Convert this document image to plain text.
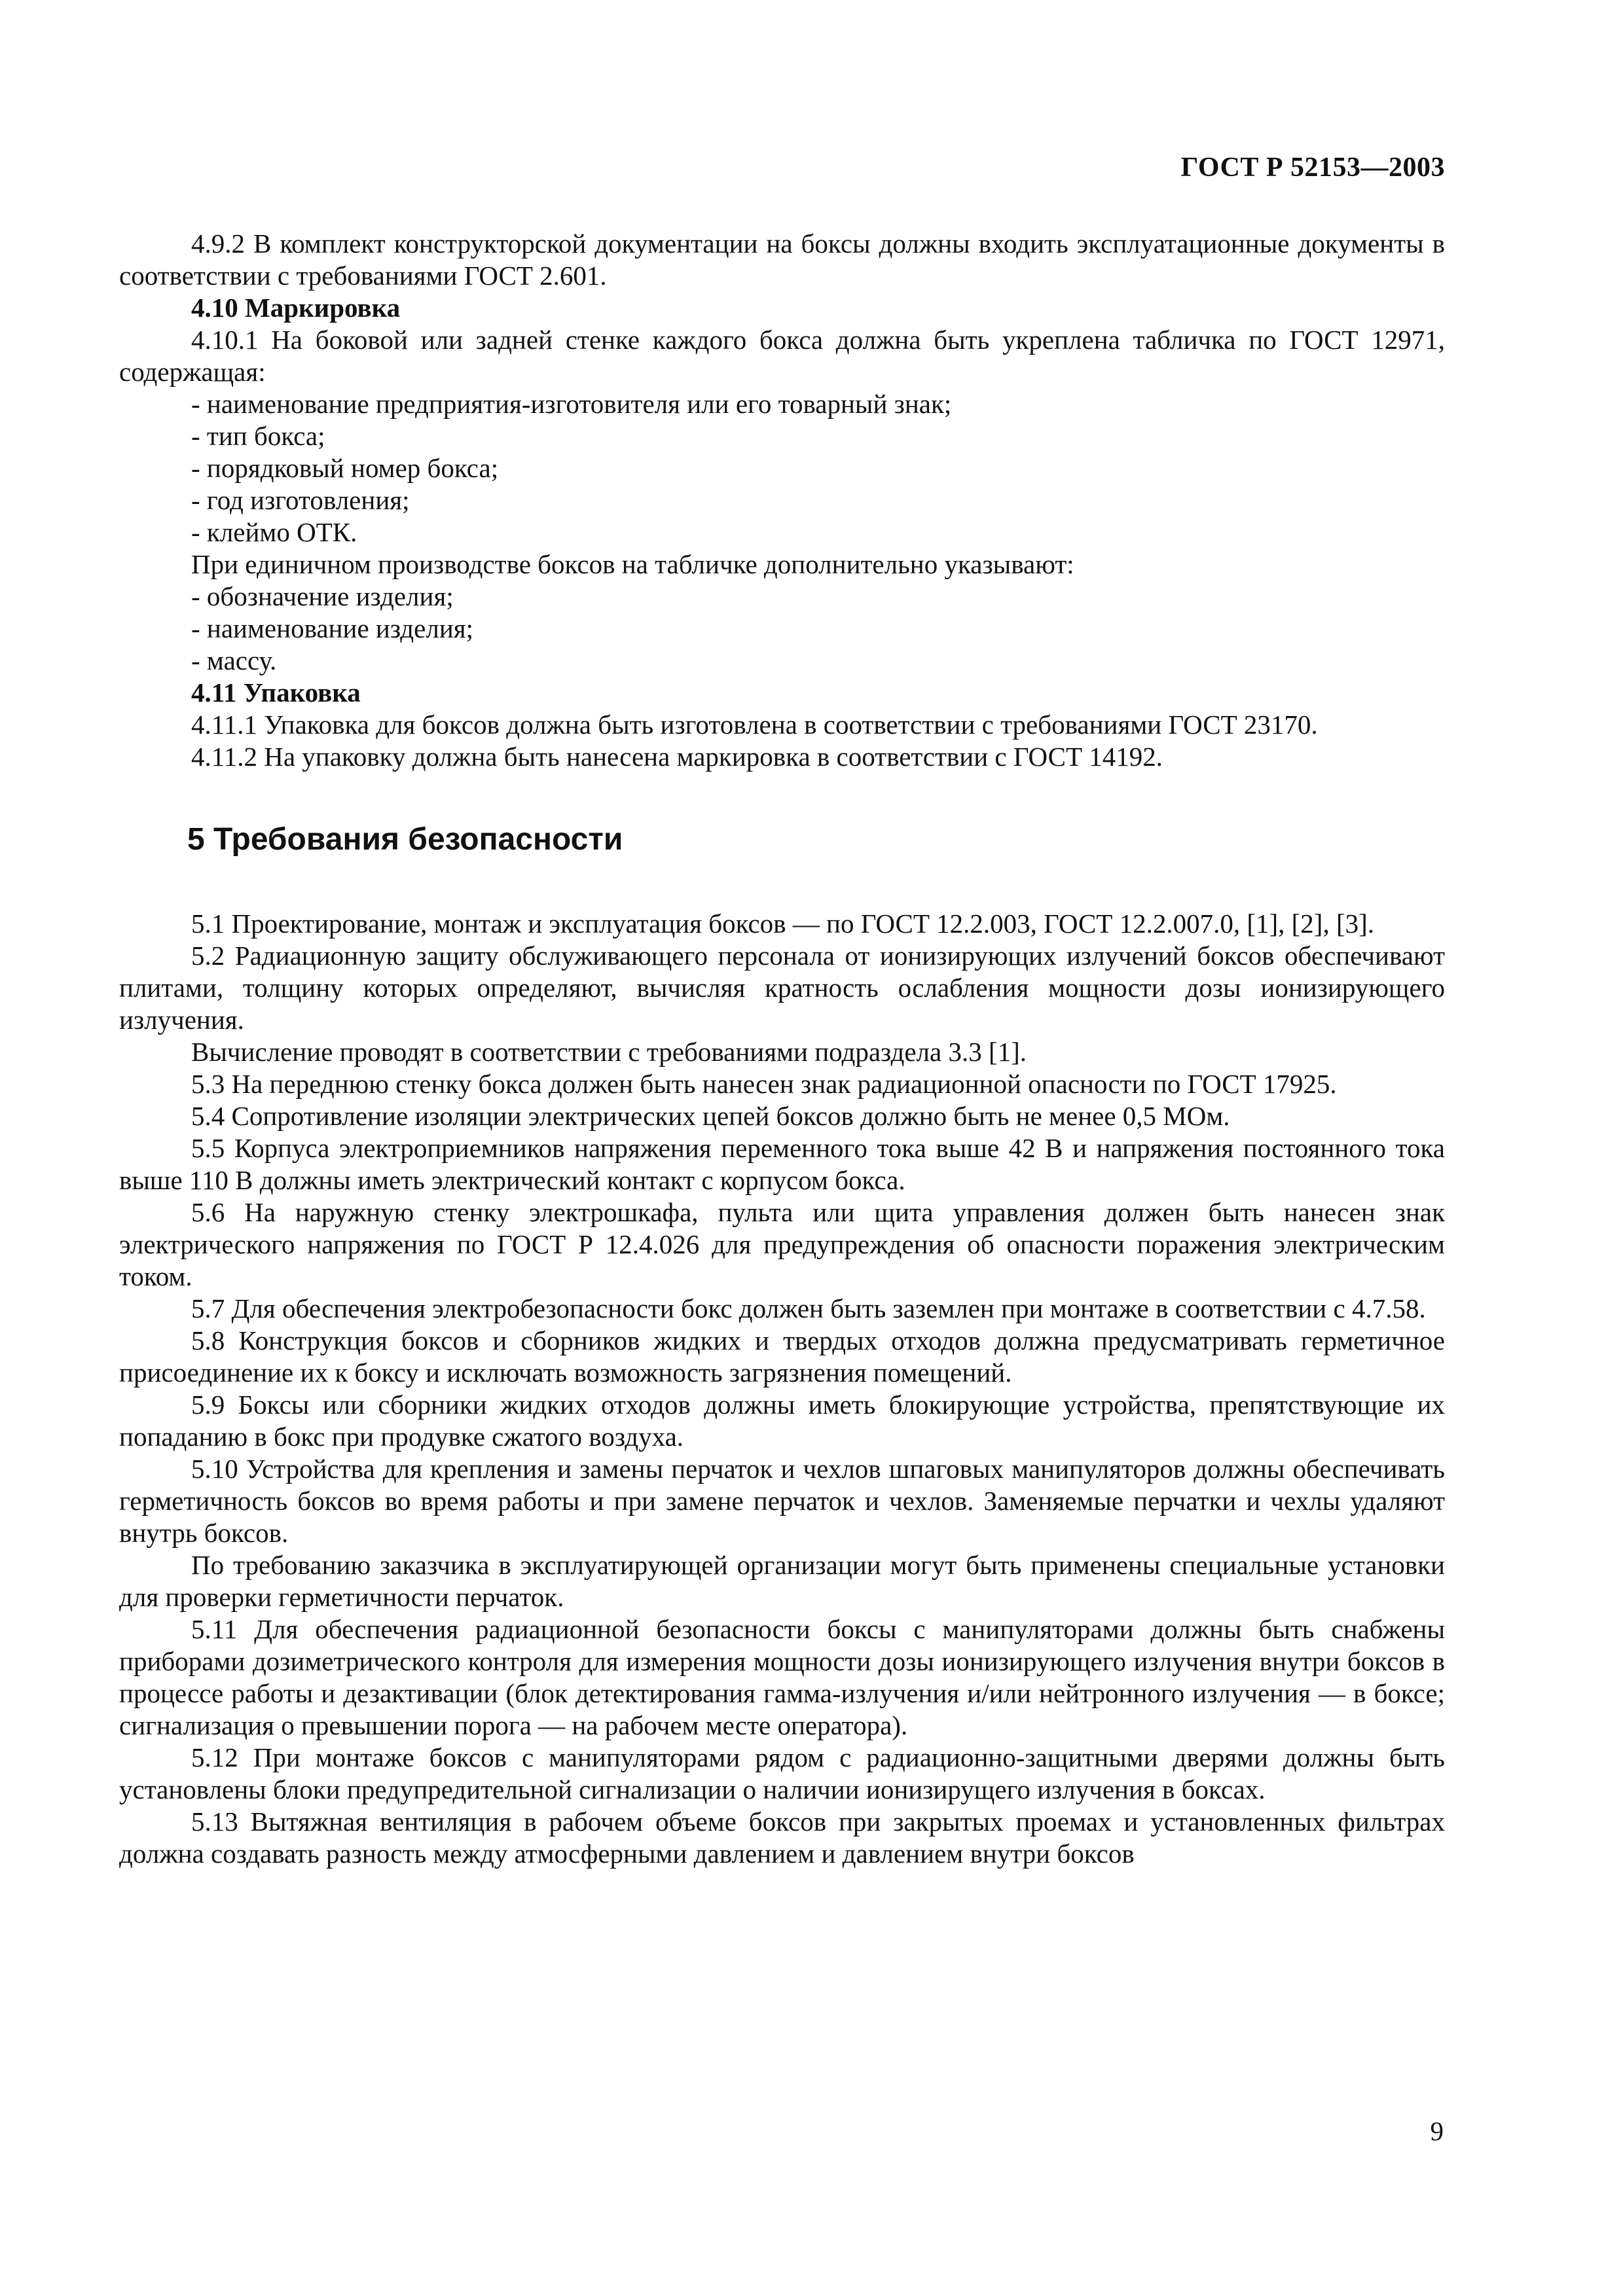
ГОСТ Р 52153—2003

4.9.2 В комплект конструкторской документации на боксы должны входить эксплуатационные документы в соответствии с требованиями ГОСТ 2.601.

4.10 Маркировка

4.10.1 На боковой или задней стенке каждого бокса должна быть укреплена табличка по ГОСТ 12971, содержащая:

- наименование предприятия-изготовителя или его товарный знак;

- тип бокса;

- порядковый номер бокса;

- год изготовления;

- клеймо ОТК.

При единичном производстве боксов на табличке дополнительно указывают:

- обозначение изделия;

- наименование изделия;

- массу.

4.11 Упаковка

4.11.1 Упаковка для боксов должна быть изготовлена в соответствии с требованиями ГОСТ 23170.

4.11.2 На упаковку должна быть нанесена маркировка в соответствии с ГОСТ 14192.

5 Требования безопасности

5.1 Проектирование, монтаж и эксплуатация боксов — по ГОСТ 12.2.003, ГОСТ 12.2.007.0, [1], [2], [3].

5.2 Радиационную защиту обслуживающего персонала от ионизирующих излучений боксов обеспечивают плитами, толщину которых определяют, вычисляя кратность ослабления мощности дозы ионизирующего излучения.

Вычисление проводят в соответствии с требованиями подраздела 3.3 [1].

5.3 На переднюю стенку бокса должен быть нанесен знак радиационной опасности по ГОСТ 17925.

5.4 Сопротивление изоляции электрических цепей боксов должно быть не менее 0,5 МОм.

5.5 Корпуса электроприемников напряжения переменного тока выше 42 В и напряжения постоянного тока выше 110 В должны иметь электрический контакт с корпусом бокса.

5.6 На наружную стенку электрошкафа, пульта или щита управления должен быть нанесен знак электрического напряжения по ГОСТ Р 12.4.026 для предупреждения об опасности поражения электрическим током.

5.7 Для обеспечения электробезопасности бокс должен быть заземлен при монтаже в соответствии с 4.7.58.

5.8 Конструкция боксов и сборников жидких и твердых отходов должна предусматривать герметичное присоединение их к боксу и исключать возможность загрязнения помещений.

5.9 Боксы или сборники жидких отходов должны иметь блокирующие устройства, препятствующие их попаданию в бокс при продувке сжатого воздуха.

5.10 Устройства для крепления и замены перчаток и чехлов шпаговых манипуляторов должны обеспечивать герметичность боксов во время работы и при замене перчаток и чехлов. Заменяемые перчатки и чехлы удаляют внутрь боксов.

По требованию заказчика в эксплуатирующей организации могут быть применены специальные установки для проверки герметичности перчаток.

5.11 Для обеспечения радиационной безопасности боксы с манипуляторами должны быть снабжены приборами дозиметрического контроля для измерения мощности дозы ионизирующего излучения внутри боксов в процессе работы и дезактивации (блок детектирования гамма-излучения и/или нейтронного излучения — в боксе; сигнализация о превышении порога — на рабочем месте оператора).

5.12 При монтаже боксов с манипуляторами рядом с радиационно-защитными дверями должны быть установлены блоки предупредительной сигнализации о наличии ионизирущего излучения в боксах.

5.13 Вытяжная вентиляция в рабочем объеме боксов при закрытых проемах и установленных фильтрах должна создавать разность между атмосферными давлением и давлением внутри боксов

9
